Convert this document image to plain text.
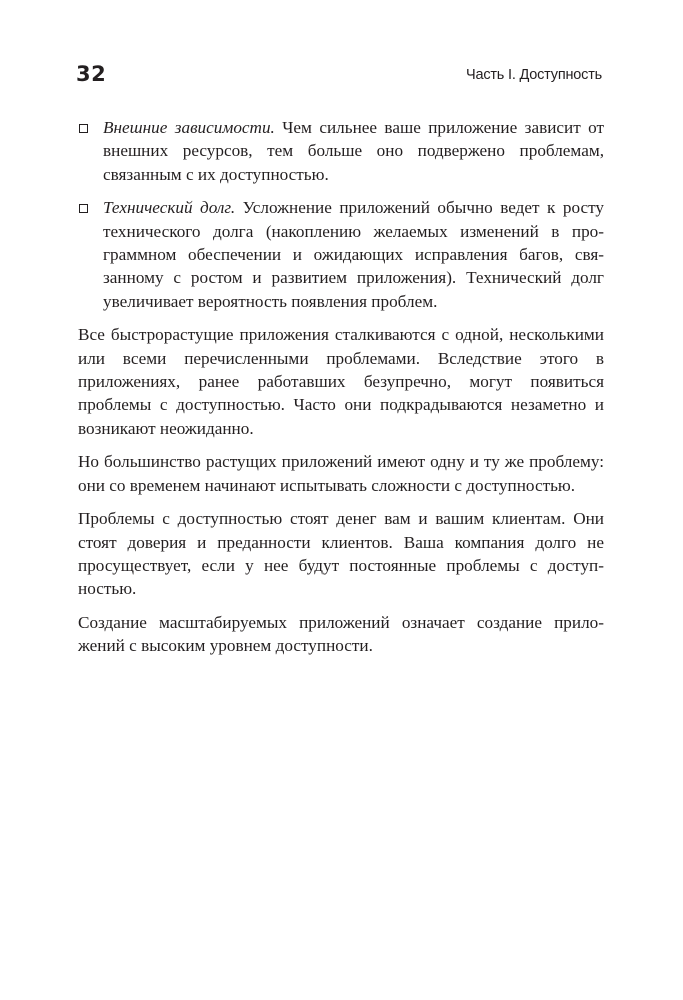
32	Часть I. Доступность
Внешние зависимости. Чем сильнее ваше приложение зависит от внешних ресурсов, тем больше оно подвержено проблемам, связанным с их доступностью.
Технический долг. Усложнение приложений обычно ведет к росту технического долга (накоплению желаемых изменений в программном обеспечении и ожидающих исправления багов, связанному с ростом и развитием приложения). Технический долг увеличивает вероятность появления проблем.

Все быстрорастущие приложения сталкиваются с одной, несколькими или всеми перечисленными проблемами. Вследствие этого в приложениях, ранее работавших безупречно, могут появиться проблемы с доступностью. Часто они подкрадываются незаметно и возникают неожиданно.

Но большинство растущих приложений имеют одну и ту же проблему: они со временем начинают испытывать сложности с доступностью.

Проблемы с доступностью стоят денег вам и вашим клиентам. Они стоят доверия и преданности клиентов. Ваша компания долго не просуществует, если у нее будут постоянные проблемы с доступностью.

Создание масштабируемых приложений означает создание приложений с высоким уровнем доступности.
